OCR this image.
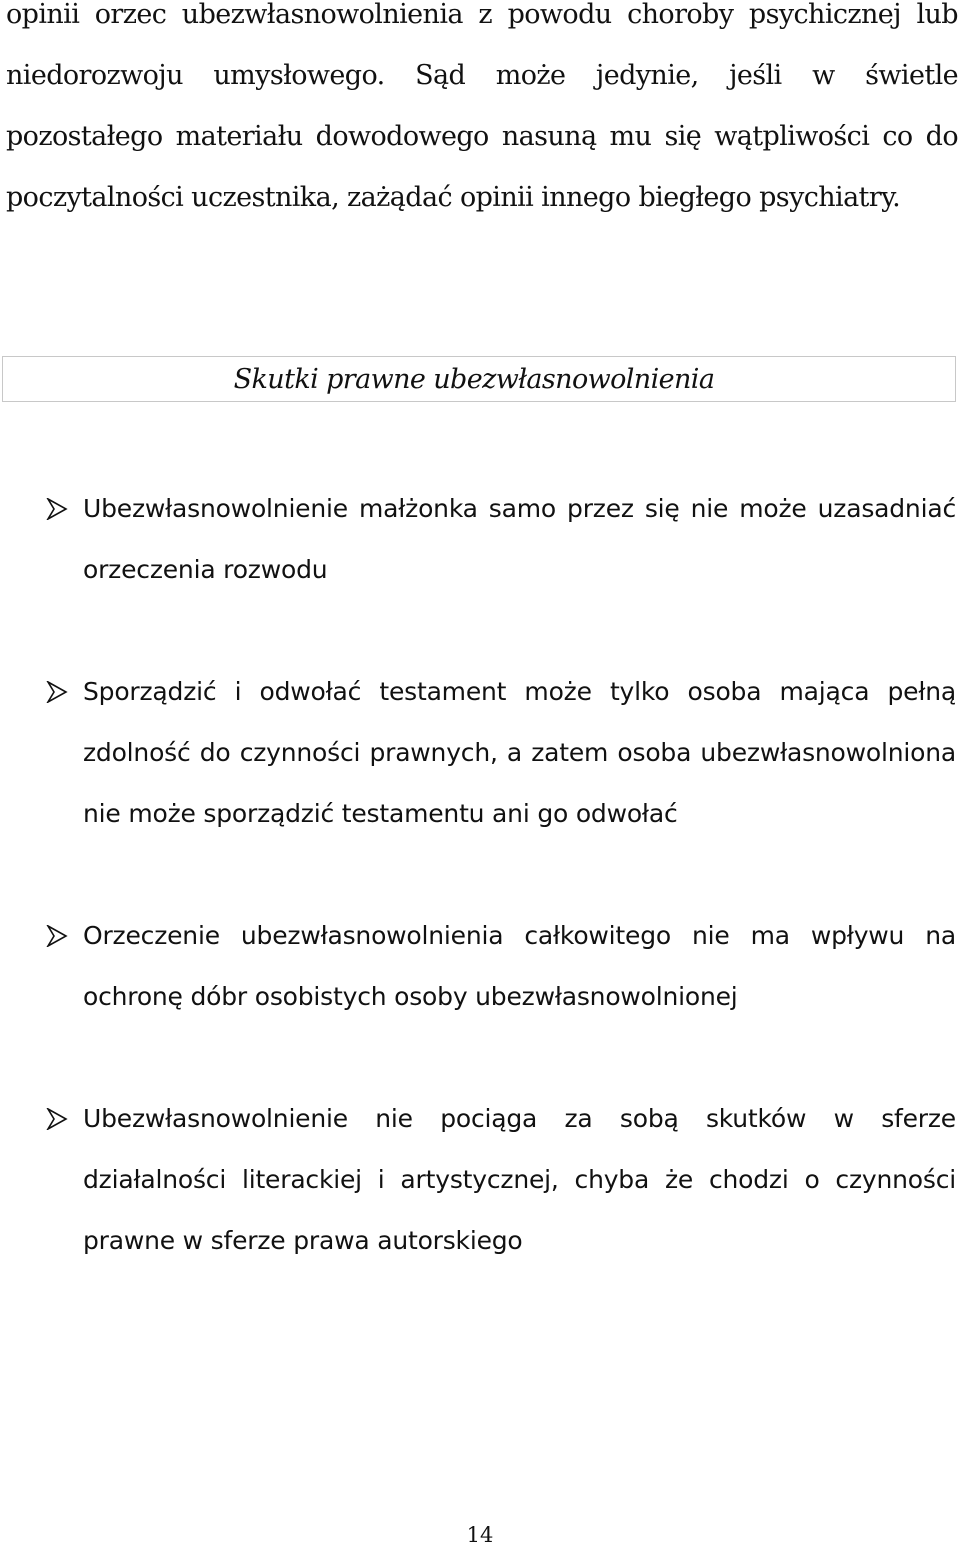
opinii orzec ubezwłasnowolnienia z powodu choroby psychicznej lub niedorozwoju umysłowego. Sąd może jedynie, jeśli w świetle pozostałego materiału dowodowego nasuną mu się wątpliwości co do poczytalności uczestnika, zażądać opinii innego biegłego psychiatry.

Skutki prawne ubezwłasnowolnienia
Ubezwłasnowolnienie małżonka samo przez się nie może uzasadniać orzeczenia rozwodu
Sporządzić i odwołać testament może tylko osoba mająca pełną zdolność do czynności prawnych, a zatem osoba ubezwłasnowolniona nie może sporządzić testamentu ani go odwołać
Orzeczenie ubezwłasnowolnienia całkowitego nie ma wpływu na ochronę dóbr osobistych osoby ubezwłasnowolnionej
Ubezwłasnowolnienie nie pociąga za sobą skutków w sferze działalności literackiej i artystycznej, chyba że chodzi o czynności prawne w sferze prawa autorskiego
14
